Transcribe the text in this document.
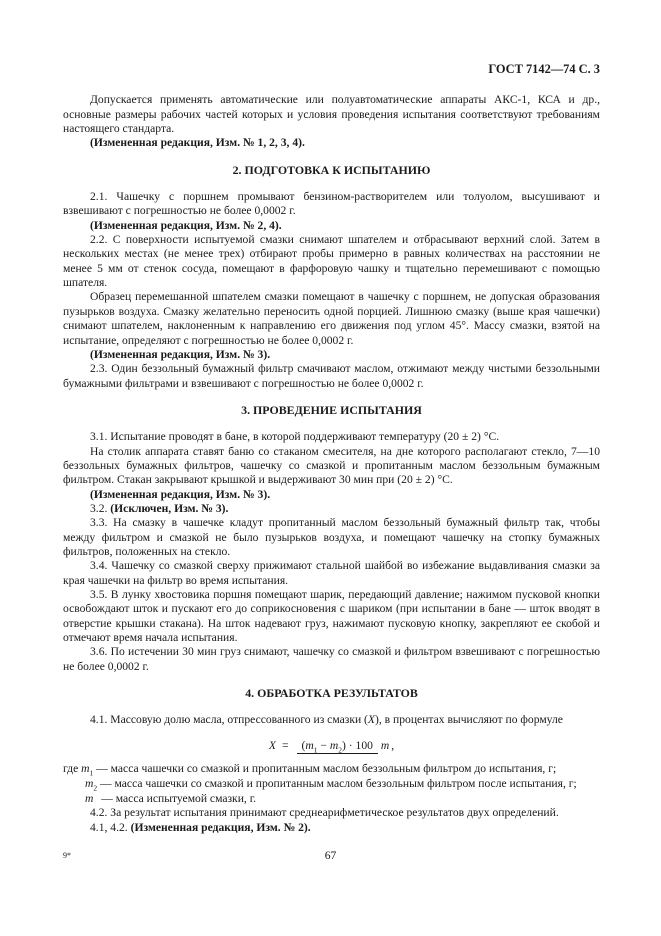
ГОСТ 7142—74 С. 3

Допускается применять автоматические или полуавтоматические аппараты АКС-1, КСА и др., основные размеры рабочих частей которых и условия проведения испытания соответствуют требованиям настоящего стандарта.

(Измененная редакция, Изм. № 1, 2, 3, 4).

2. ПОДГОТОВКА К ИСПЫТАНИЮ

2.1. Чашечку с поршнем промывают бензином-растворителем или толуолом, высушивают и взвешивают с погрешностью не более 0,0002 г.

(Измененная редакция, Изм. № 2, 4).

2.2. С поверхности испытуемой смазки снимают шпателем и отбрасывают верхний слой. Затем в нескольких местах (не менее трех) отбирают пробы примерно в равных количествах на расстоянии не менее 5 мм от стенок сосуда, помещают в фарфоровую чашку и тщательно перемешивают с помощью шпателя.

Образец перемешанной шпателем смазки помещают в чашечку с поршнем, не допуская образования пузырьков воздуха. Смазку желательно переносить одной порцией. Лишнюю смазку (выше края чашечки) снимают шпателем, наклоненным к направлению его движения под углом 45°. Массу смазки, взятой на испытание, определяют с погрешностью не более 0,0002 г.

(Измененная редакция, Изм. № 3).

2.3. Один беззольный бумажный фильтр смачивают маслом, отжимают между чистыми беззольными бумажными фильтрами и взвешивают с погрешностью не более 0,0002 г.

3. ПРОВЕДЕНИЕ ИСПЫТАНИЯ

3.1. Испытание проводят в бане, в которой поддерживают температуру (20 ± 2) °С.

На столик аппарата ставят баню со стаканом смесителя, на дне которого располагают стекло, 7—10 беззольных бумажных фильтров, чашечку со смазкой и пропитанным маслом беззольным бумажным фильтром. Стакан закрывают крышкой и выдерживают 30 мин при (20 ± 2) °С.

(Измененная редакция, Изм. № 3).

3.2. (Исключен, Изм. № 3).

3.3. На смазку в чашечке кладут пропитанный маслом беззольный бумажный фильтр так, чтобы между фильтром и смазкой не было пузырьков воздуха, и помещают чашечку на стопку бумажных фильтров, положенных на стекло.

3.4. Чашечку со смазкой сверху прижимают стальной шайбой во избежание выдавливания смазки за края чашечки на фильтр во время испытания.

3.5. В лунку хвостовика поршня помещают шарик, передающий давление; нажимом пусковой кнопки освобождают шток и пускают его до соприкосновения с шариком (при испытании в бане — шток вводят в отверстие крышки стакана). На шток надевают груз, нажимают пусковую кнопку, закрепляют ее скобой и отмечают время начала испытания.

3.6. По истечении 30 мин груз снимают, чашечку со смазкой и фильтром взвешивают с погрешностью не более 0,0002 г.

4. ОБРАБОТКА РЕЗУЛЬТАТОВ

4.1. Массовую долю масла, отпрессованного из смазки (X), в процентах вычисляют по формуле

X =	$(m_1 - m_2) \cdot 100$ m ,
где $m_1$ — масса чашечки со смазкой и пропитанным маслом беззольным фильтром до испытания, г;
$m_2$ — масса чашечки со смазкой и пропитанным маслом беззольным фильтром после испытания, г;
m — масса испытуемой смазки, г.

4.2. За результат испытания принимают среднеарифметическое результатов двух определений.

4.1, 4.2. (Измененная редакция, Изм. № 2).

9*	67
